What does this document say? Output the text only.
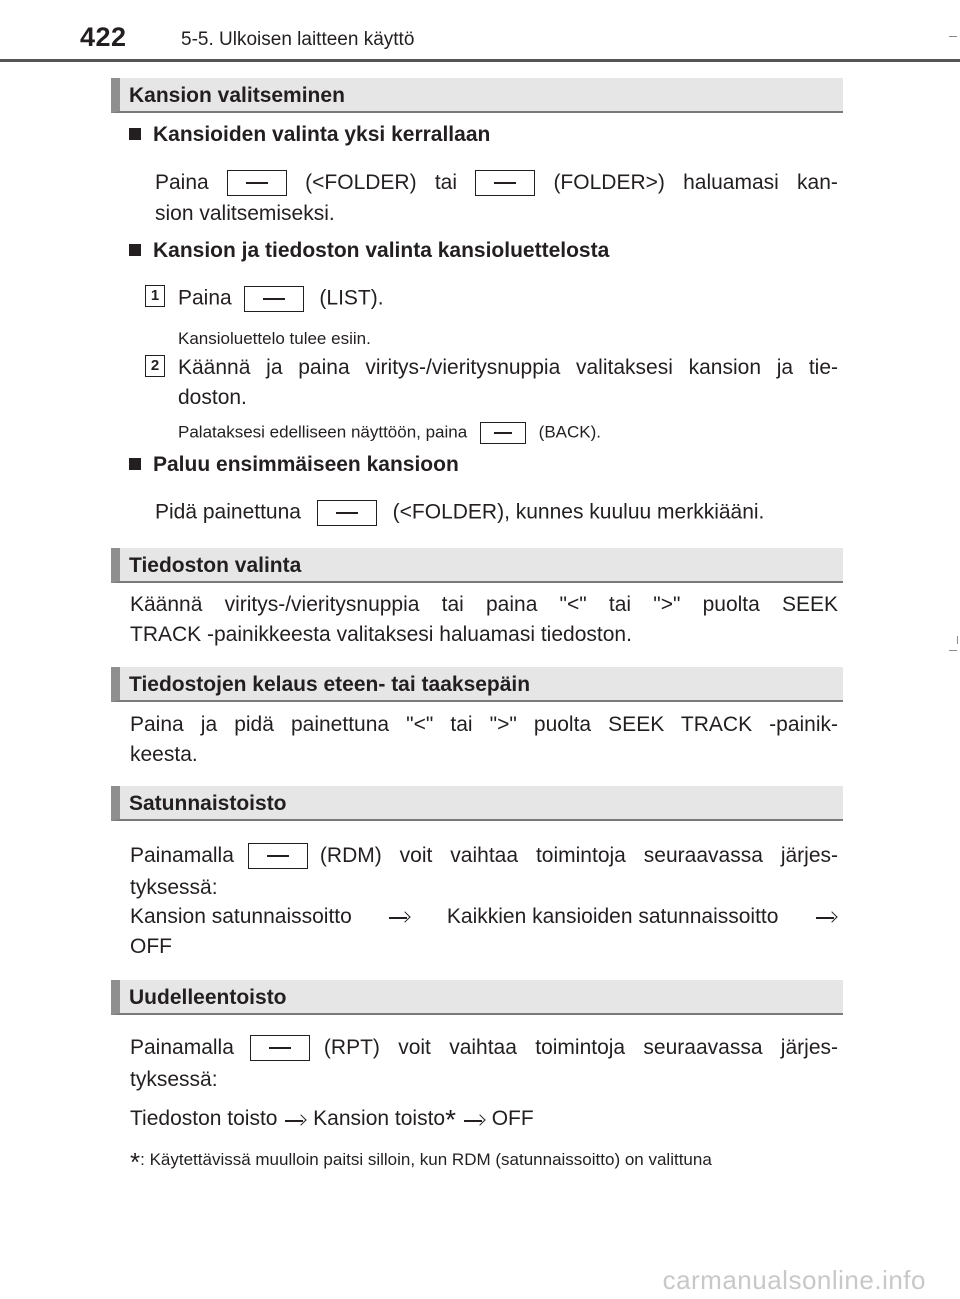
422	5-5. Ulkoisen laitteen käyttö
Kansion valitseminen
Kansioiden valinta yksi kerrallaan
Paina	(<FOLDER) tai	(FOLDER>) haluamasi kan-
sion valitsemiseksi.
Kansion ja tiedoston valinta kansioluettelosta
1 Paina	(LIST).
Kansioluettelo tulee esiin.
2 Käännä ja paina viritys-/vieritysnuppia valitaksesi kansion ja tie-
doston.
Palataksesi edelliseen näyttöön, paina	(BACK).
Paluu ensimmäiseen kansioon
Pidä painettuna	(<FOLDER), kunnes kuuluu merkkiääni.
Tiedoston valinta
Käännä viritys-/vieritysnuppia tai paina "<" tai ">" puolta SEEK
TRACK -painikkeesta valitaksesi haluamasi tiedoston.
Tiedostojen kelaus eteen- tai taaksepäin
Paina ja pidä painettuna "<" tai ">" puolta SEEK TRACK -painik-
keesta.
Satunnaistoisto
Painamalla	(RDM) voit vaihtaa toimintoja seuraavassa järjes-
tyksessä:
Kansion satunnaissoitto	Kaikkien kansioiden satunnaissoitto
OFF
Uudelleentoisto
Painamalla	(RPT) voit vaihtaa toimintoja seuraavassa järjes-
tyksessä:
Tiedoston toisto Kansion toisto* OFF
*: Käytettävissä muulloin paitsi silloin, kun RDM (satunnaissoitto) on valittuna
carmanualsonline.info
